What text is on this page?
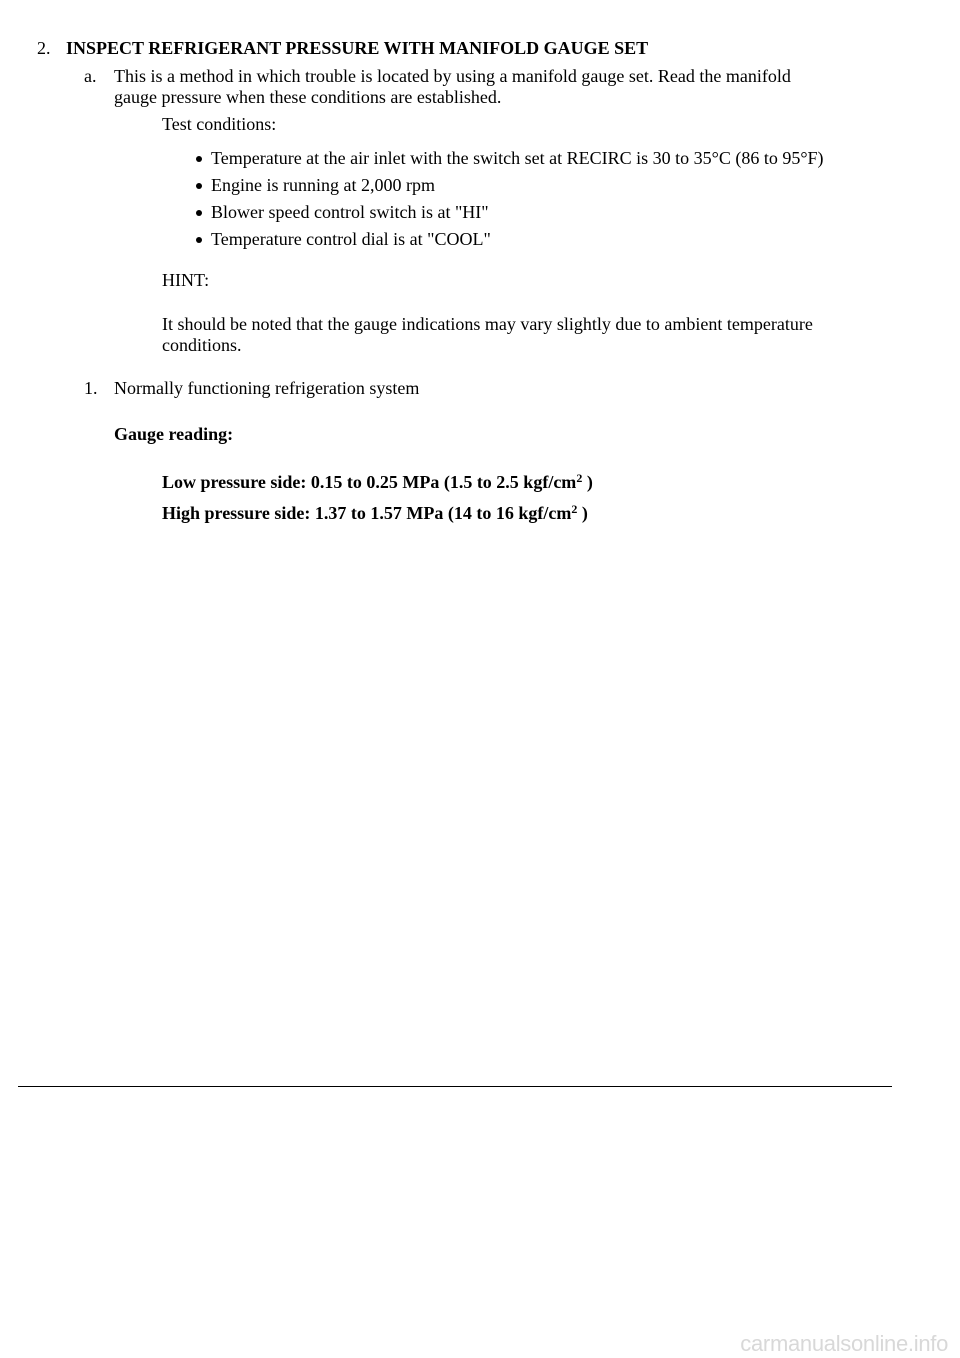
2. INSPECT REFRIGERANT PRESSURE WITH MANIFOLD GAUGE SET
a. This is a method in which trouble is located by using a manifold gauge set. Read the manifold
gauge pressure when these conditions are established.
Test conditions:
Temperature at the air inlet with the switch set at RECIRC is 30 to 35°C (86 to 95°F)
Engine is running at 2,000 rpm
Blower speed control switch is at "HI"
Temperature control dial is at "COOL"
HINT:
It should be noted that the gauge indications may vary slightly due to ambient temperature
conditions.
1. Normally functioning refrigeration system
Gauge reading:
Low pressure side: 0.15 to 0.25 MPa (1.5 to 2.5 kgf/$cm^2$ )
High pressure side: 1.37 to 1.57 MPa (14 to 16 kgf/$cm^2$ )
carmanualsonline.info
